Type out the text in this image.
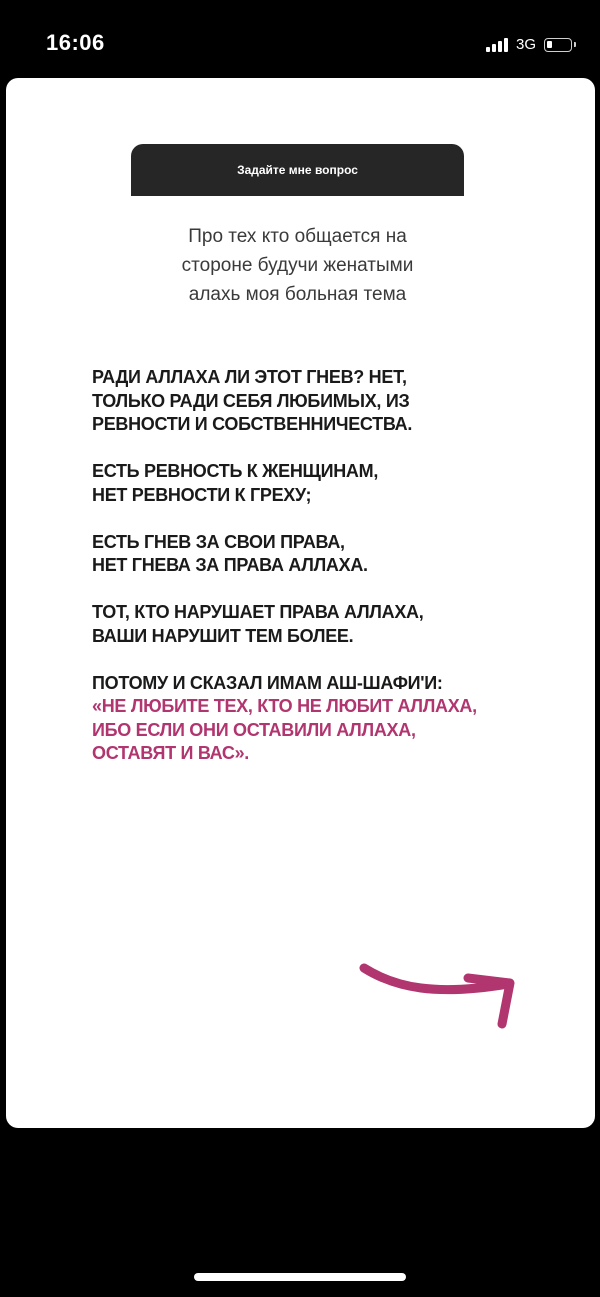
16:06	3G
Задайте мне вопрос
Про тех кто общается на
стороне будучи женатыми
алахь моя больная тема
РАДИ АЛЛАХА ЛИ ЭТОТ ГНЕВ? НЕТ,
ТОЛЬКО РАДИ СЕБЯ ЛЮБИМЫХ, ИЗ
РЕВНОСТИ И СОБСТВЕННИЧЕСТВА.
ЕСТЬ РЕВНОСТЬ К ЖЕНЩИНАМ,
НЕТ РЕВНОСТИ К ГРЕХУ;
ЕСТЬ ГНЕВ ЗА СВОИ ПРАВА,
НЕТ ГНЕВА ЗА ПРАВА АЛЛАХА.
ТОТ, КТО НАРУШАЕТ ПРАВА АЛЛАХА,
ВАШИ НАРУШИТ ТЕМ БОЛЕЕ.
ПОТОМУ И СКАЗАЛ ИМАМ АШ-ШАФИ'И:
«НЕ ЛЮБИТЕ ТЕХ, КТО НЕ ЛЮБИТ АЛЛАХА,
ИБО ЕСЛИ ОНИ ОСТАВИЛИ АЛЛАХА,
ОСТАВЯТ И ВАС».
